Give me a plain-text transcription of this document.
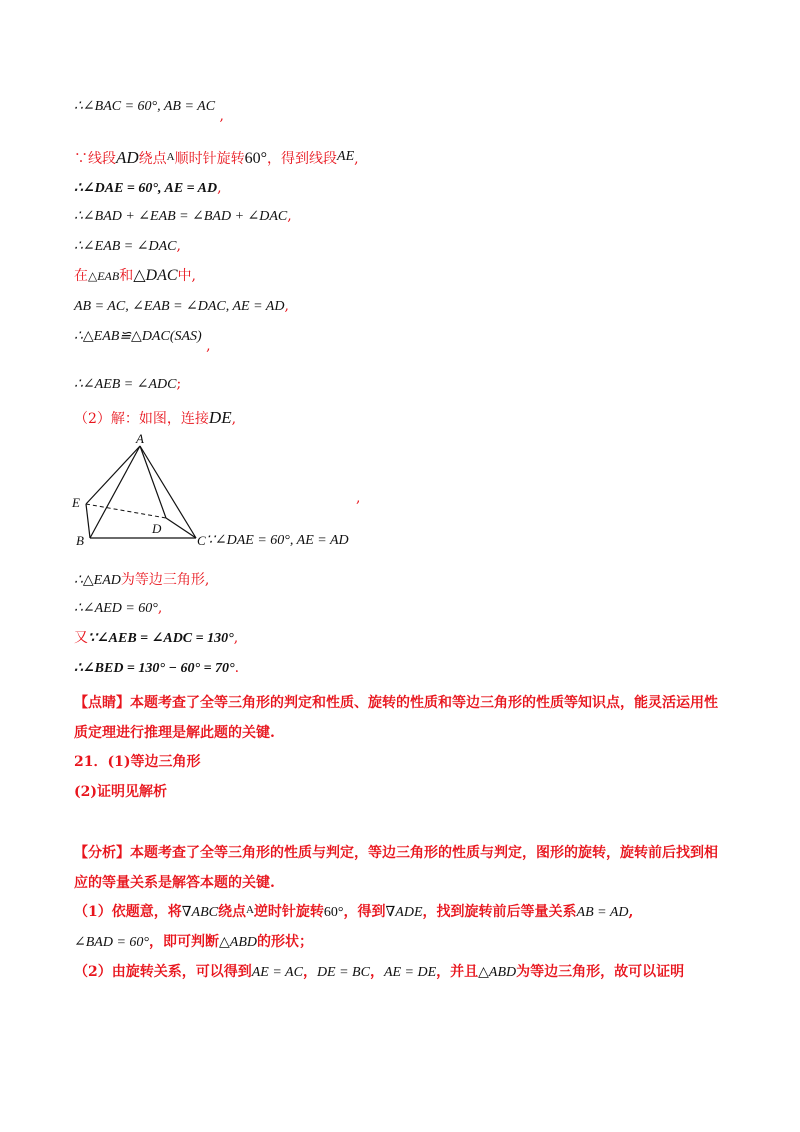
∴∠BAC = 60°, AB = AC ,
∵线段AD绕点$^A$顺时针旋转60°，得到线段AE,
∴∠DAE = 60°, AE = AD,
∴∠BAD + ∠EAB = ∠BAD + ∠DAC,
∴∠EAB = ∠DAC,
在△EAB和△DAC中,
AB = AC, ∠EAB = ∠DAC, AE = AD,
∴△EAB≌△DAC(SAS) ,
∴∠AEB = ∠ADC;
（2）解：如图，连接DE,
A
E
B
D
C ∵∠DAE = 60°, AE = AD
,
∴△EAD为等边三角形,
∴∠AED = 60°,
又∵∠AEB = ∠ADC = 130°,
∴∠BED = 130° − 60° = 70°.
【点睛】本题考查了全等三角形的判定和性质、旋转的性质和等边三角形的性质等知识点，能灵活运用性质定理进行推理是解此题的关键.
21．(1)等边三角形
(2)证明见解析
【分析】本题考查了全等三角形的性质与判定，等边三角形的性质与判定，图形的旋转，旋转前后找到相应的等量关系是解答本题的关键.
（1）依题意，将∇ABC绕点$^A$逆时针旋转60°，得到∇ADE，找到旋转前后等量关系AB = AD,
∠BAD = 60°，即可判断△ABD的形状；
（2）由旋转关系，可以得到AE = AC，DE = BC，AE = DE，并且△ABD为等边三角形，故可以证明
